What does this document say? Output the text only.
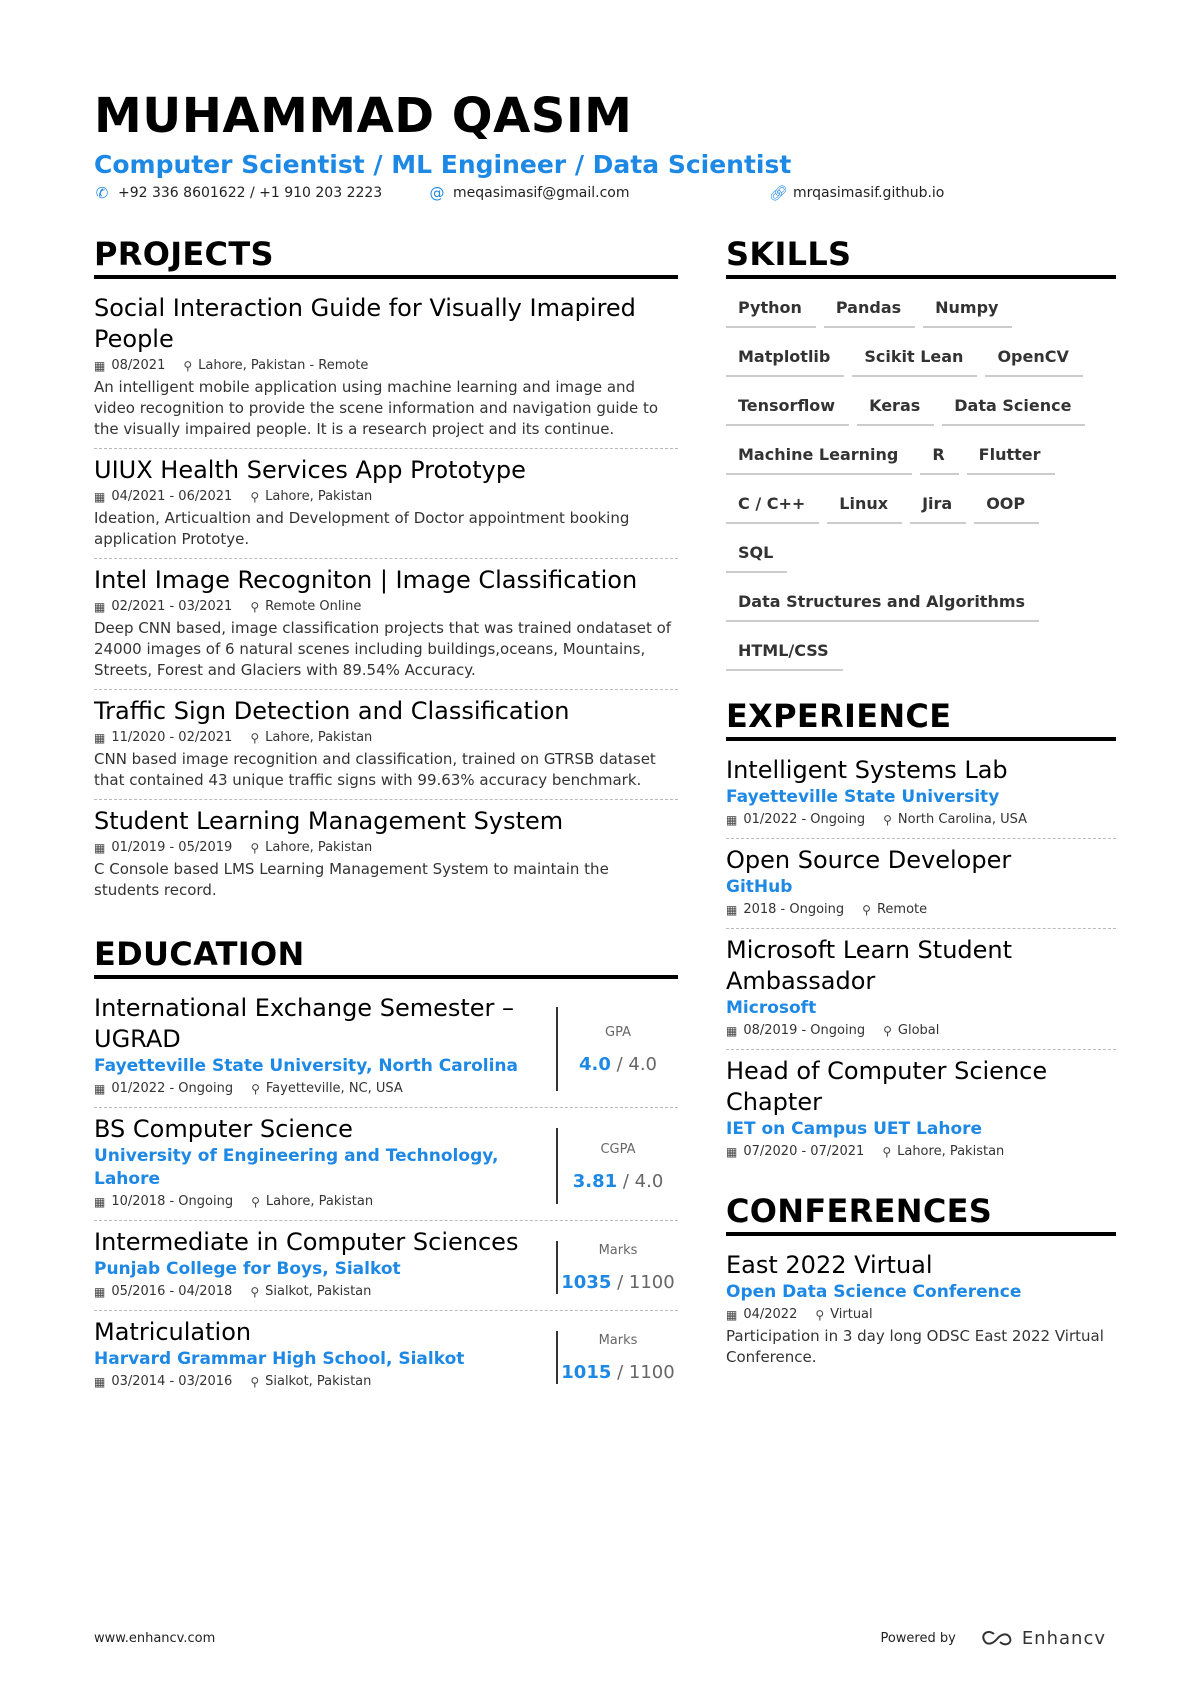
MUHAMMAD QASIM
Computer Scientist / ML Engineer / Data Scientist
✆ +92 336 8601622 / +1 910 203 2223	@ meqasimasif@gmail.com	🔗︎ mrqasimasif.github.io
PROJECTS
Social Interaction Guide for Visually Imapired People
▦ 08/2021 ⚲ Lahore, Pakistan - Remote
An intelligent mobile application using machine learning and image and video recognition to provide the scene information and navigation guide to the visually impaired people. It is a research project and its continue.
UIUX Health Services App Prototype
▦ 04/2021 - 06/2021 ⚲ Lahore, Pakistan
Ideation, Articualtion and Development of Doctor appointment booking application Prototye.
Intel Image Recogniton | Image Classification
▦ 02/2021 - 03/2021 ⚲ Remote Online
Deep CNN based, image classification projects that was trained ondataset of 24000 images of 6 natural scenes including buildings,oceans, Mountains, Streets, Forest and Glaciers with 89.54% Accuracy.
Traffic Sign Detection and Classification
▦ 11/2020 - 02/2021 ⚲ Lahore, Pakistan
CNN based image recognition and classification, trained on GTRSB dataset that contained 43 unique traffic signs with 99.63% accuracy benchmark.
Student Learning Management System
▦ 01/2019 - 05/2019 ⚲ Lahore, Pakistan
C Console based LMS Learning Management System to maintain the students record.
EDUCATION
International Exchange Semester – UGRAD
Fayetteville State University, North Carolina
▦ 01/2022 - Ongoing ⚲ Fayetteville, NC, USA
GPA
4.0 / 4.0
BS Computer Science
University of Engineering and Technology, Lahore
▦ 10/2018 - Ongoing ⚲ Lahore, Pakistan
CGPA
3.81 / 4.0
Intermediate in Computer Sciences
Punjab College for Boys, Sialkot
▦ 05/2016 - 04/2018 ⚲ Sialkot, Pakistan
Marks
1035 / 1100
Matriculation
Harvard Grammar High School, Sialkot
▦ 03/2014 - 03/2016 ⚲ Sialkot, Pakistan
Marks
1015 / 1100
SKILLS
Python	Pandas	Numpy
Matplotlib	Scikit Lean	OpenCV
Tensorflow	Keras	Data Science
Machine Learning	R	Flutter
C / C++	Linux	Jira	OOP
SQL
Data Structures and Algorithms
HTML/CSS
EXPERIENCE
Intelligent Systems Lab
Fayetteville State University
▦ 01/2022 - Ongoing ⚲ North Carolina, USA
Open Source Developer
GitHub
▦ 2018 - Ongoing ⚲ Remote
Microsoft Learn Student Ambassador
Microsoft
▦ 08/2019 - Ongoing ⚲ Global
Head of Computer Science Chapter
IET on Campus UET Lahore
▦ 07/2020 - 07/2021 ⚲ Lahore, Pakistan
CONFERENCES
East 2022 Virtual
Open Data Science Conference
▦ 04/2022 ⚲ Virtual
Participation in 3 day long ODSC East 2022 Virtual Conference.
www.enhancv.com	Powered by	Enhancv
